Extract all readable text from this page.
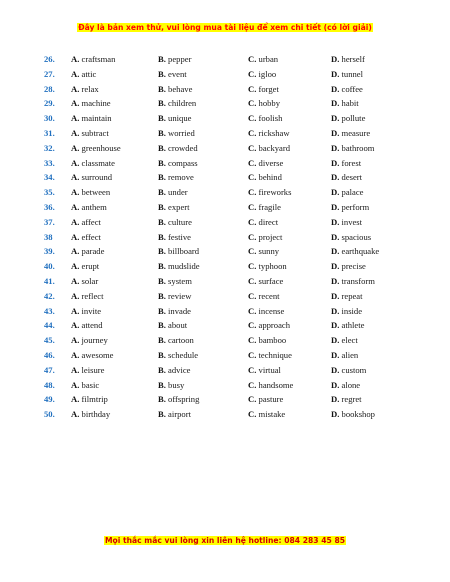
Đây là bản xem thử, vui lòng mua tài liệu để xem chi tiết (có lời giải)
26. A. craftsman	B. pepper	C. urban	D. herself
27. A. attic	B. event	C. igloo	D. tunnel
28. A. relax	B. behave	C. forget	D. coffee
29. A. machine	B. children	C. hobby	D. habit
30. A. maintain	B. unique	C. foolish	D. pollute
31. A. subtract	B. worried	C. rickshaw	D. measure
32. A. greenhouse	B. crowded	C. backyard	D. bathroom
33. A. classmate	B. compass	C. diverse	D. forest
34. A. surround	B. remove	C. behind	D. desert
35. A. between	B. under	C. fireworks	D. palace
36. A. anthem	B. expert	C. fragile	D. perform
37. A. affect	B. culture	C. direct	D. invest
38 A. effect	B. festive	C. project	D. spacious
39. A. parade	B. billboard	C. sunny	D. earthquake
40. A. erupt	B. mudslide	C. typhoon	D. precise
41. A. solar	B. system	C. surface	D. transform
42. A. reflect	B. review	C. recent	D. repeat
43. A. invite	B. invade	C. incense	D. inside
44. A. attend	B. about	C. approach	D. athlete
45. A. journey	B. cartoon	C. bamboo	D. elect
46. A. awesome	B. schedule	C. technique	D. alien
47. A. leisure	B. advice	C. virtual	D. custom
48. A. basic	B. busy	C. handsome	D. alone
49. A. filmtrip	B. offspring	C. pasture	D. regret
50. A. birthday	B. airport	C. mistake	D. bookshop
Mọi thắc mắc vui lòng xin liên hệ hotline: 084 283 45 85
